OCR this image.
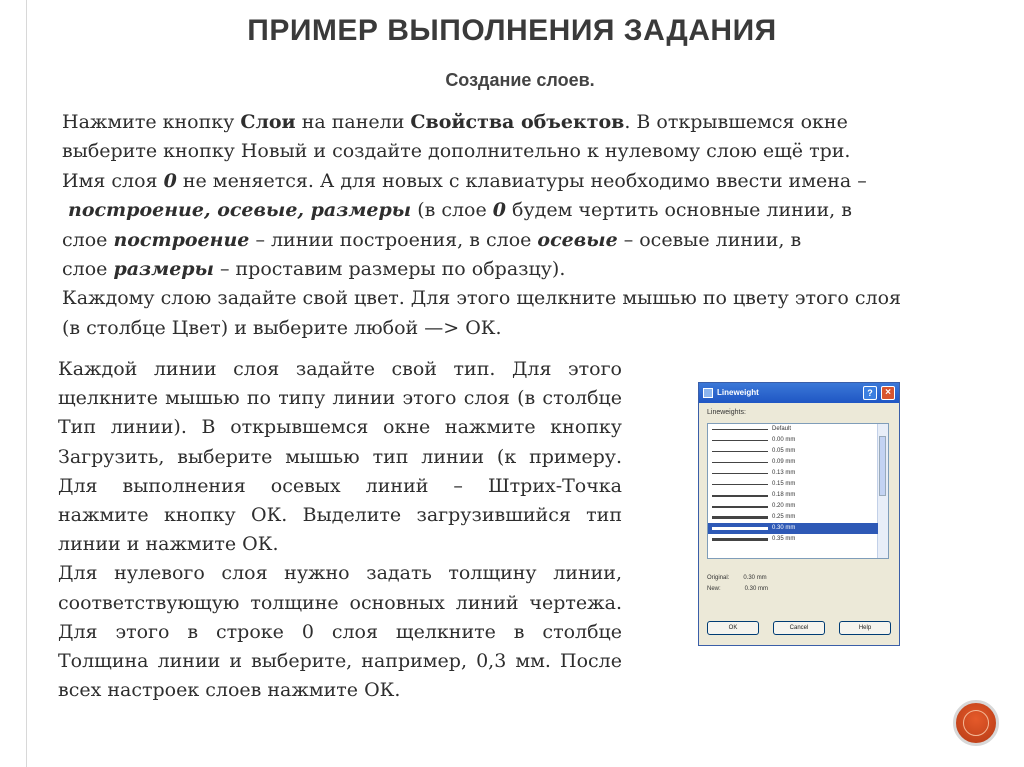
ПРИМЕР ВЫПОЛНЕНИЯ ЗАДАНИЯ
Создание слоев.
Нажмите кнопку Слои на панели Свойства объектов. В открывшемся окне
выберите кнопку Новый и создайте дополнительно к нулевому слою ещё три.
Имя слоя 0 не меняется. А для новых с клавиатуры необходимо ввести имена –
построение, осевые, размеры (в слое 0 будем чертить основные линии, в
слое построение – линии построения, в слое осевые – осевые линии, в
слое размеры – проставим размеры по образцу).
Каждому слою задайте свой цвет. Для этого щелкните мышью по цвету этого слоя
(в столбце Цвет) и выберите любой —> ОК.

Каждой линии слоя задайте свой тип. Для этого щелкните мышью по типу линии этого слоя (в столбце Тип линии). В открывшемся окне нажмите кнопку Загрузить, выберите мышью тип линии (к примеру. Для выполнения осевых линий – Штрих-Точка нажмите кнопку ОК. Выделите загрузившийся тип линии и нажмите ОК.

Для нулевого слоя нужно задать толщину линии, соответствующую толщине основных линий чертежа. Для этого в строке 0 слоя щелкните в столбце Толщина линии и выберите, например, 0,3 мм. После всех настроек слоев нажмите ОК.

Lineweight	?	×
Lineweights:
Default
0.00 mm
0.05 mm
0.09 mm
0.13 mm
0.15 mm
0.18 mm
0.20 mm
0.25 mm
0.30 mm
0.35 mm
Original: 0.30 mm
New:	0.30 mm
OK	Cancel	Help
